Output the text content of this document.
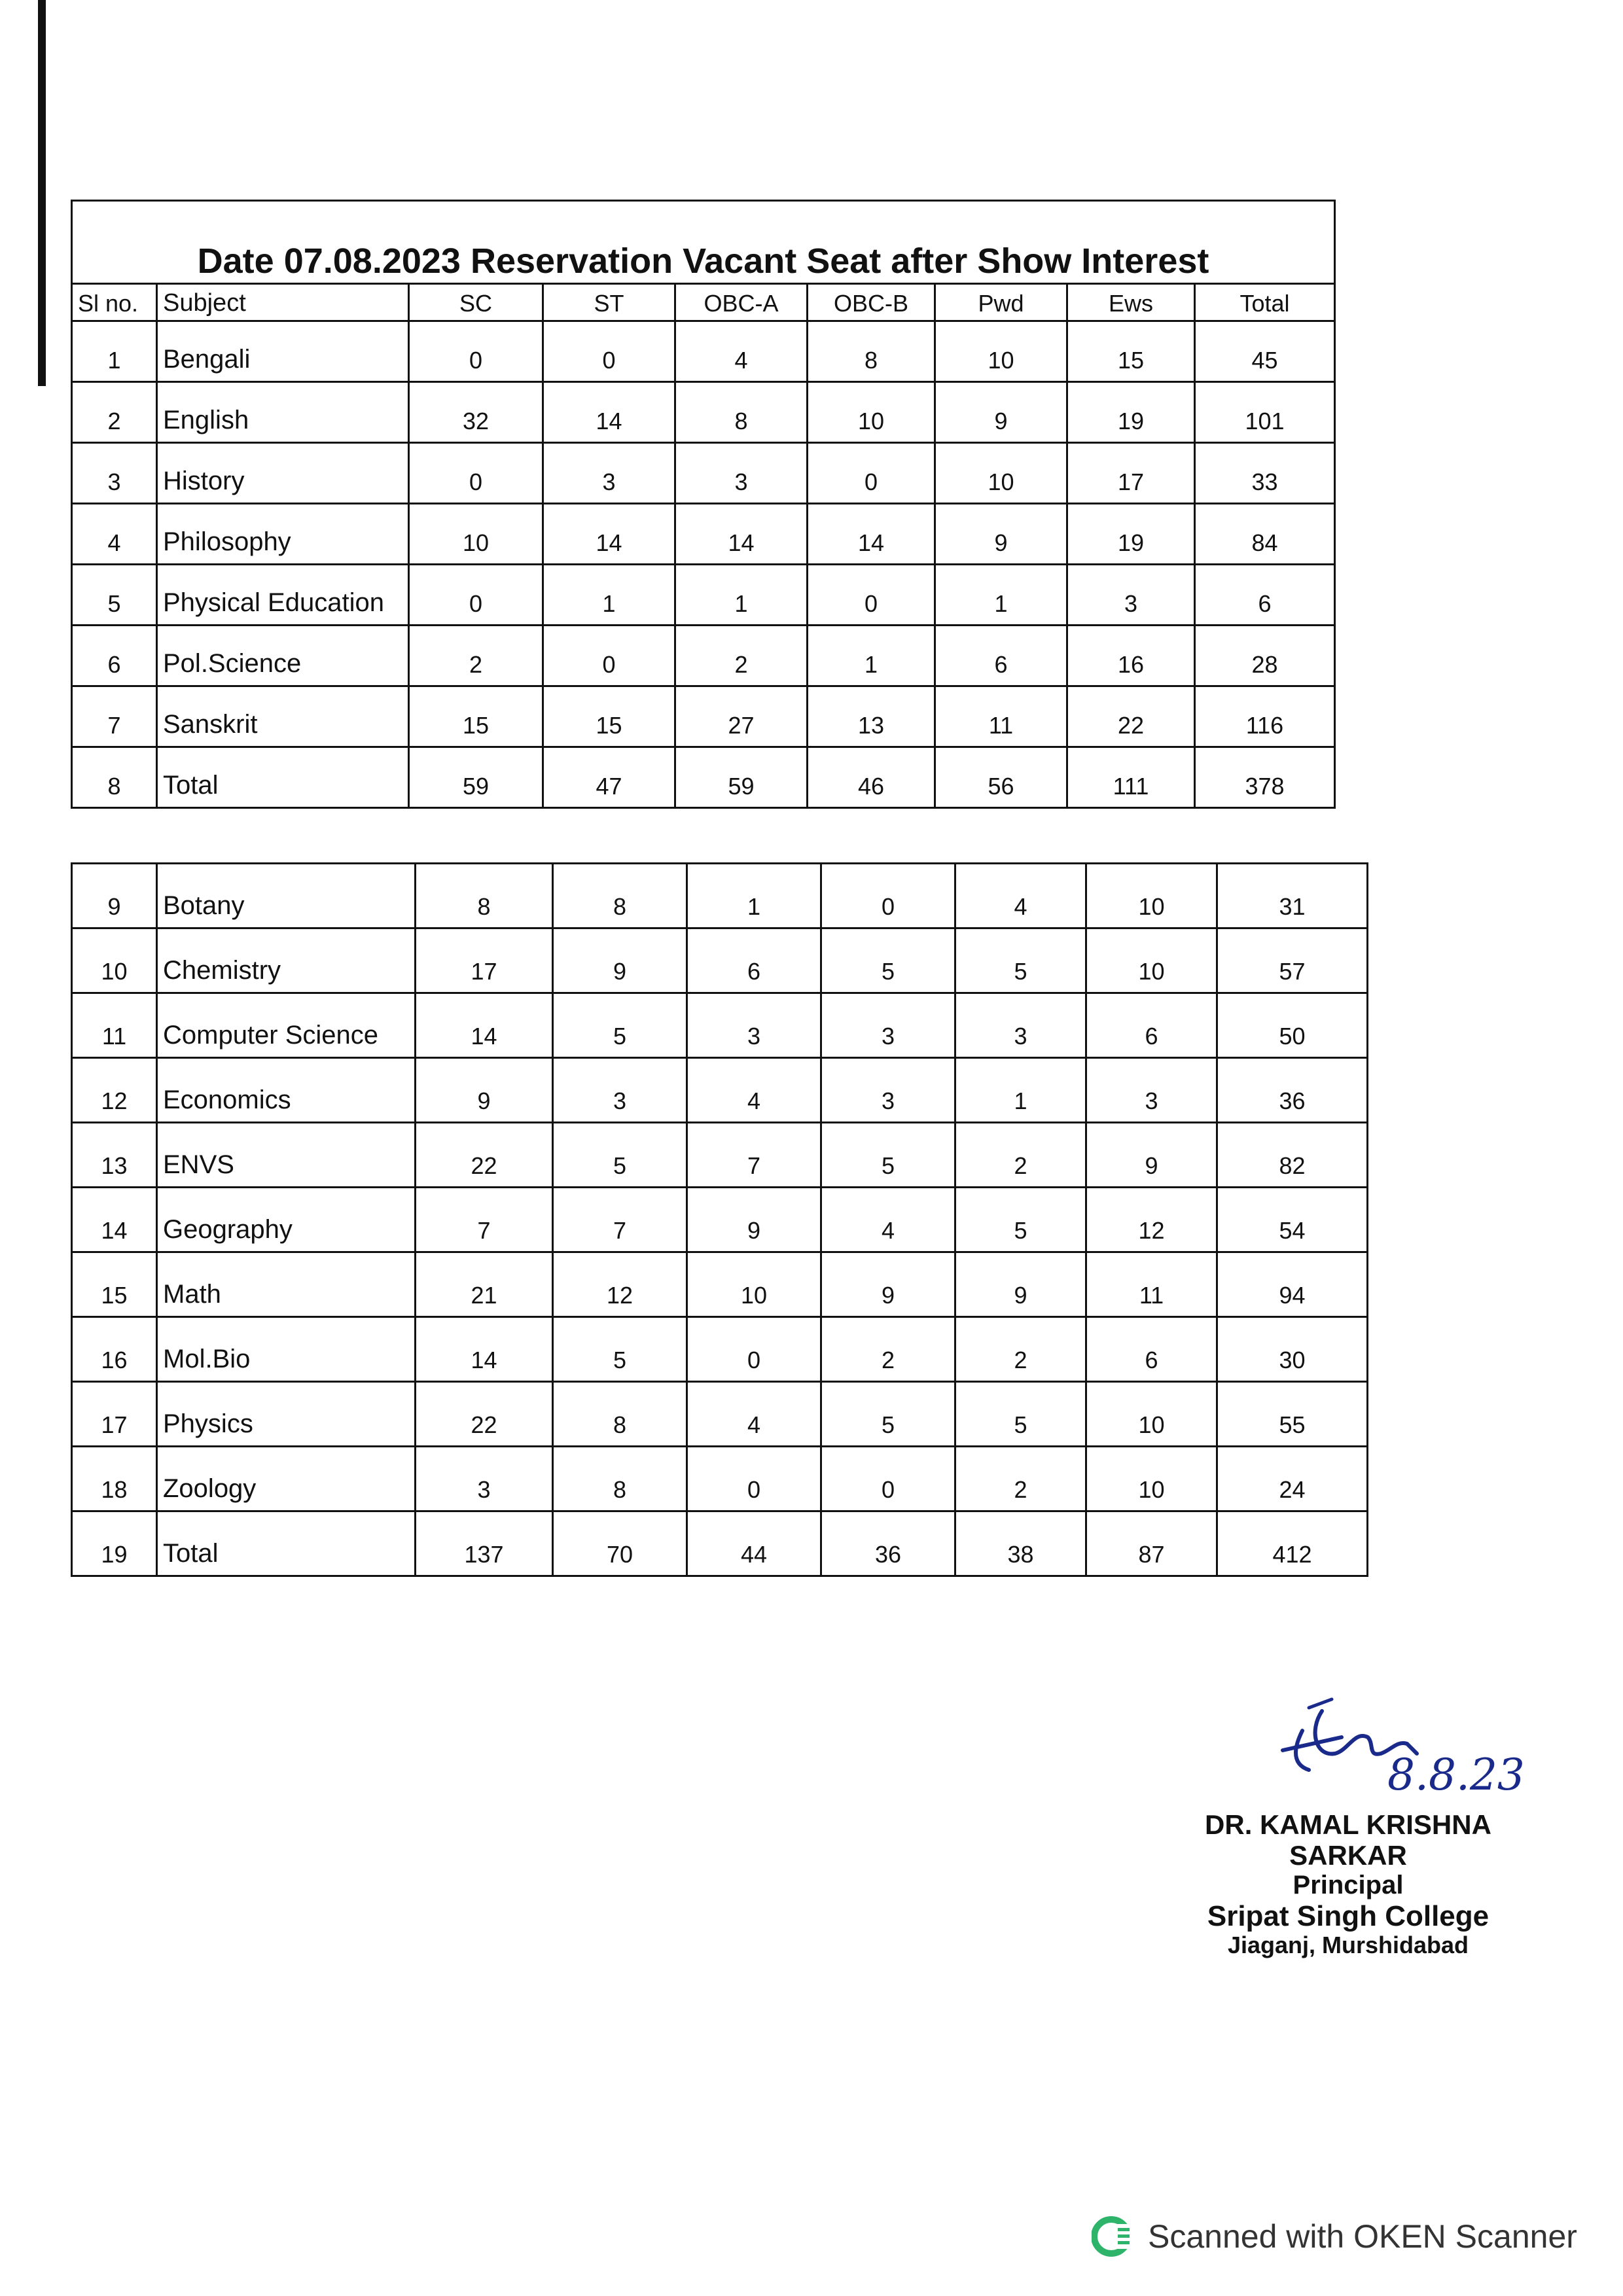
Date 07.08.2023 Reservation Vacant Seat after Show Interest								
Sl no.	Subject	SC	ST	OBC-A	OBC-B	Pwd	Ews	Total
1	Bengali	0	0	4	8	10	15	45
2	English	32	14	8	10	9	19	101
3	History	0	3	3	0	10	17	33
4	Philosophy	10	14	14	14	9	19	84
5	Physical Education	0	1	1	0	1	3	6
6	Pol.Science	2	0	2	1	6	16	28
7	Sanskrit	15	15	27	13	11	22	116
8	Total	59	47	59	46	56	111	378
9	Botany	8	8	1	0	4	10	31
10	Chemistry	17	9	6	5	5	10	57
11	Computer Science	14	5	3	3	3	6	50
12	Economics	9	3	4	3	1	3	36
13	ENVS	22	5	7	5	2	9	82
14	Geography	7	7	9	4	5	12	54
15	Math	21	12	10	9	9	11	94
16	Mol.Bio	14	5	0	2	2	6	30
17	Physics	22	8	4	5	5	10	55
18	Zoology	3	8	0	0	2	10	24
19	Total	137	70	44	36	38	87	412
8.8.23
DR. KAMAL KRISHNA SARKAR
Principal
Sripat Singh College
Jiaganj, Murshidabad
Scanned with OKEN Scanner
